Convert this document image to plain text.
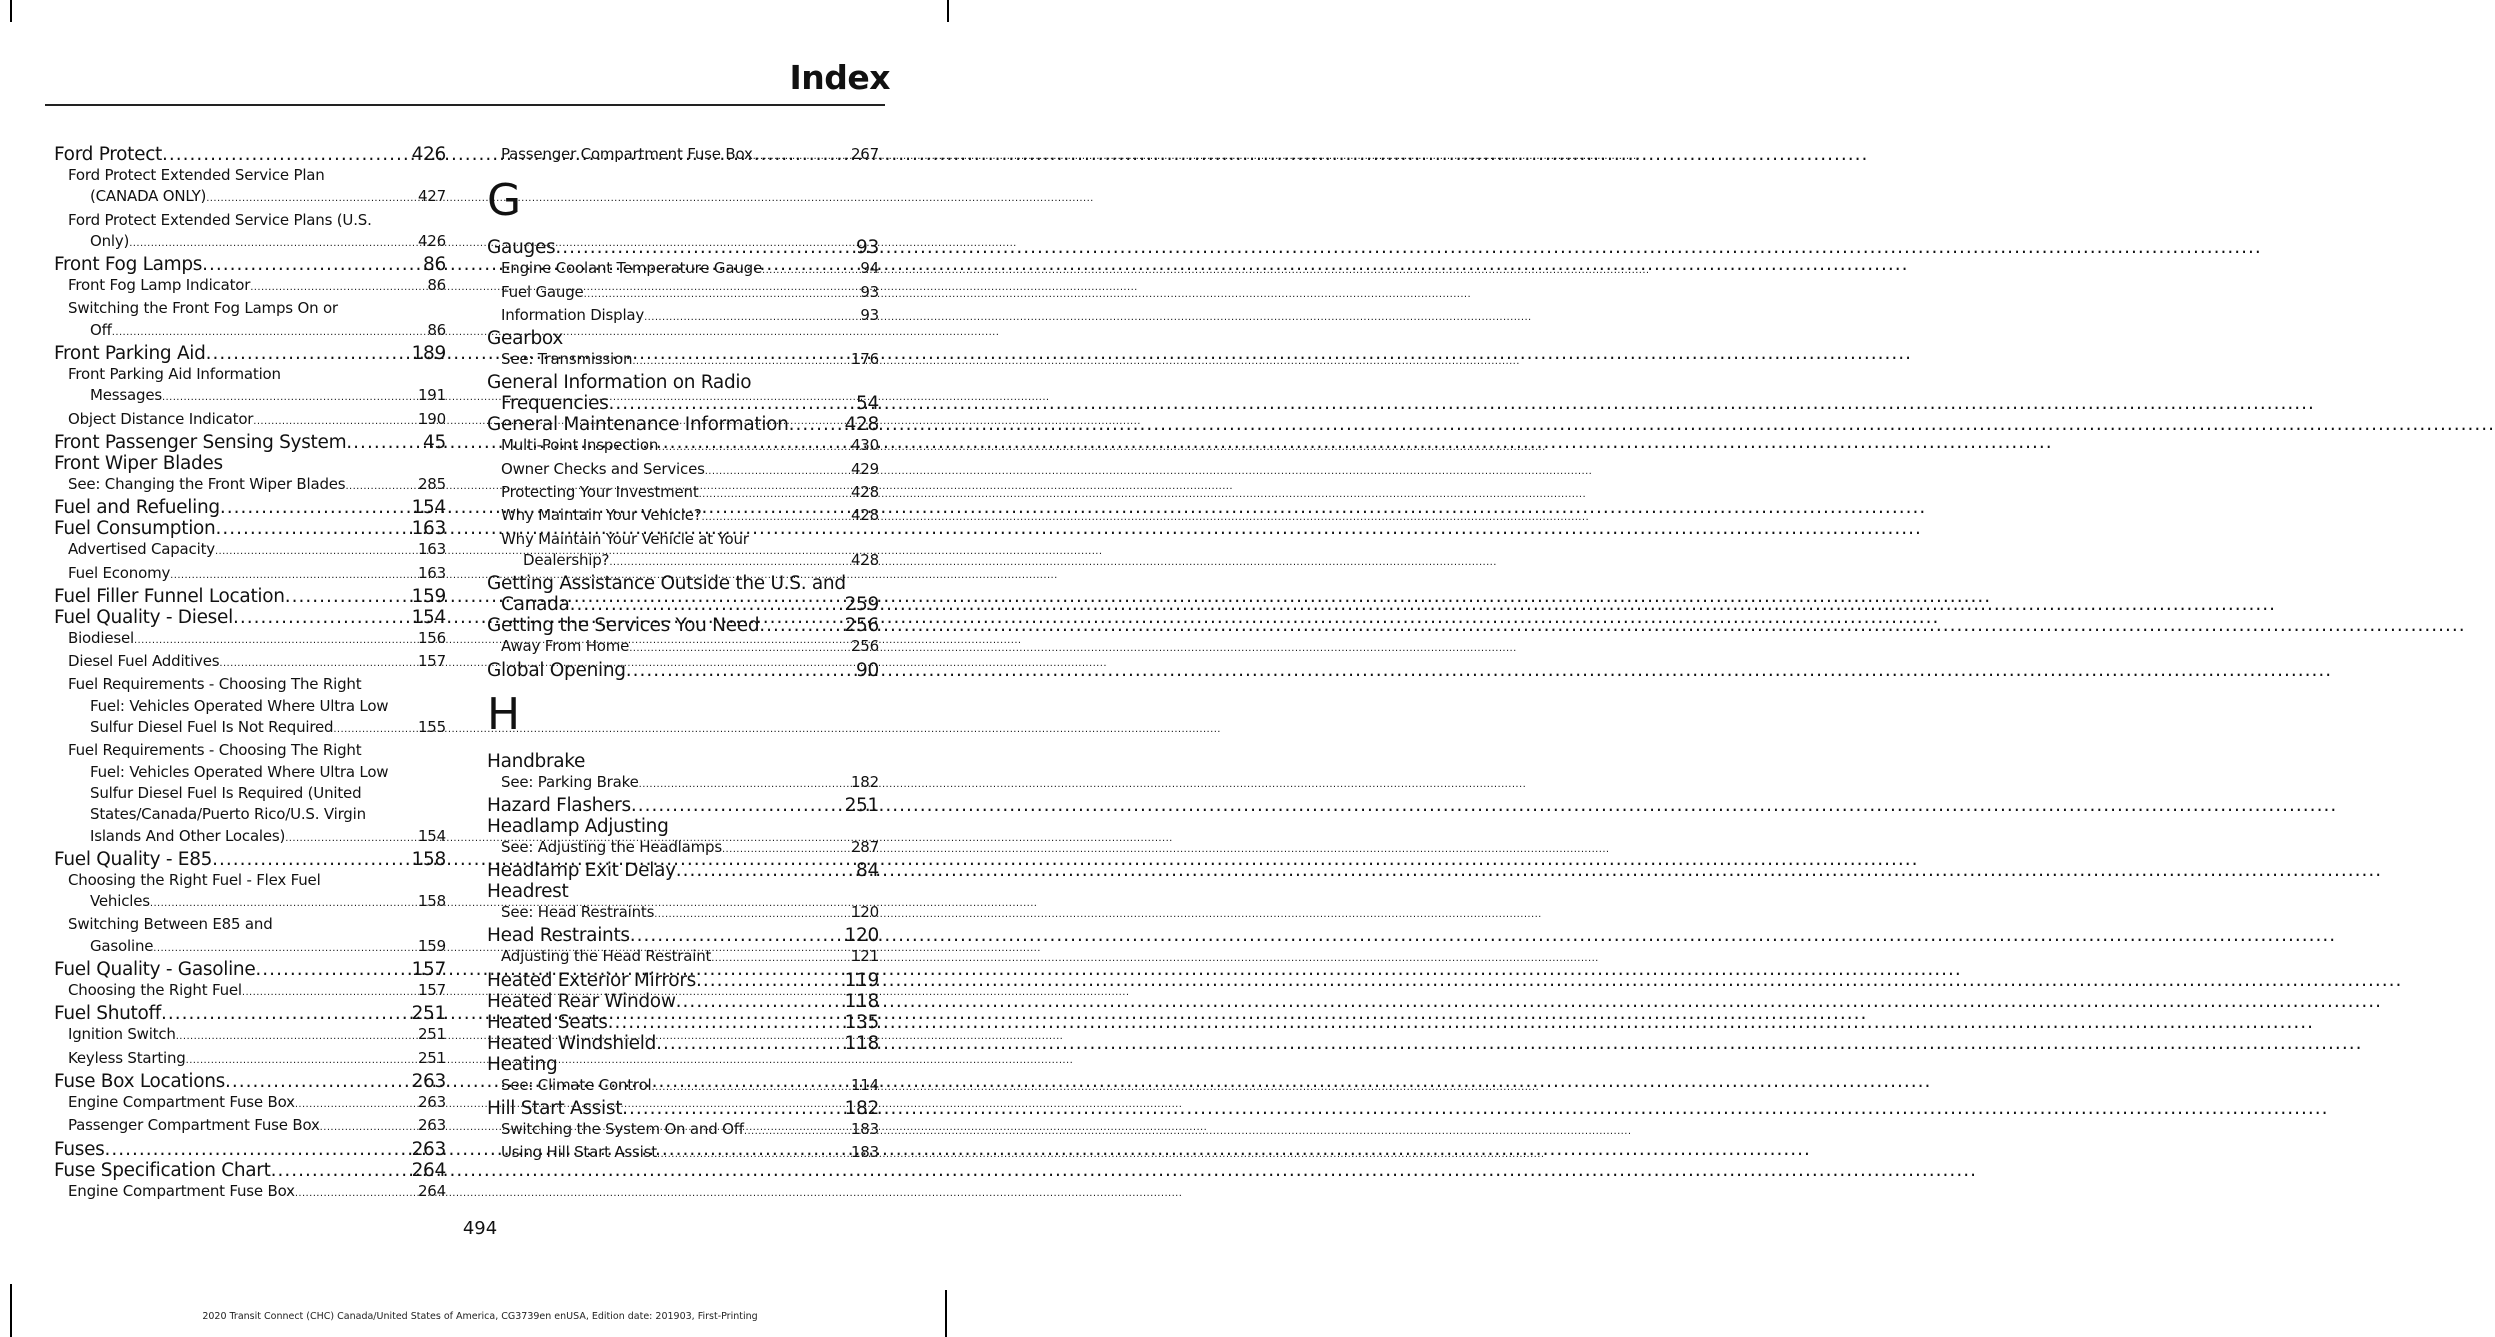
Index
Ford Protect .....	426
Ford Protect Extended Service Plan
(CANADA ONLY) .....	427
Ford Protect Extended Service Plans (U.S.
Only) .....	426
Front Fog Lamps .....	86
Front Fog Lamp Indicator .....	86
Switching the Front Fog Lamps On or
Off .....	86
Front Parking Aid .....	189
Front Parking Aid Information
Messages .....	191
Object Distance Indicator .....	190
Front Passenger Sensing System .....	45
Front Wiper Blades
See: Changing the Front Wiper Blades .....	285
Fuel and Refueling .....	154
Fuel Consumption .....	163
Advertised Capacity .....	163
Fuel Economy .....	163
Fuel Filler Funnel Location .....	159
Fuel Quality - Diesel .....	154
Biodiesel .....	156
Diesel Fuel Additives .....	157
Fuel Requirements - Choosing The Right
Fuel: Vehicles Operated Where Ultra Low
Sulfur Diesel Fuel Is Not Required .....	155
Fuel Requirements - Choosing The Right
Fuel: Vehicles Operated Where Ultra Low
Sulfur Diesel Fuel Is Required (United
States/Canada/Puerto Rico/U.S. Virgin
Islands And Other Locales) .....	154
Fuel Quality - E85 .....	158
Choosing the Right Fuel - Flex Fuel
Vehicles .....	158
Switching Between E85 and
Gasoline .....	159
Fuel Quality - Gasoline .....	157
Choosing the Right Fuel .....	157
Fuel Shutoff .....	251
Ignition Switch .....	251
Keyless Starting .....	251
Fuse Box Locations .....	263
Engine Compartment Fuse Box .....	263
Passenger Compartment Fuse Box .....	263
Fuses .....	263
Fuse Specification Chart .....	264
Engine Compartment Fuse Box .....	264
Passenger Compartment Fuse Box .....	267
G
Gauges .....	93
Engine Coolant Temperature Gauge .....	94
Fuel Gauge .....	93
Information Display .....	93
Gearbox
See: Transmission .....	176
General Information on Radio
Frequencies .....	54
General Maintenance Information .....	428
Multi-Point Inspection .....	430
Owner Checks and Services .....	429
Protecting Your Investment .....	428
Why Maintain Your Vehicle? .....	428
Why Maintain Your Vehicle at Your
Dealership? .....	428
Getting Assistance Outside the U.S. and
Canada .....	259
Getting the Services You Need .....	256
Away From Home .....	256
Global Opening .....	90
H
Handbrake
See: Parking Brake .....	182
Hazard Flashers .....	251
Headlamp Adjusting
See: Adjusting the Headlamps .....	287
Headlamp Exit Delay .....	84
Headrest
See: Head Restraints .....	120
Head Restraints .....	120
Adjusting the Head Restraint .....	121
Heated Exterior Mirrors .....	119
Heated Rear Window .....	118
Heated Seats .....	135
Heated Windshield .....	118
Heating
See: Climate Control .....	114
Hill Start Assist .....	182
Switching the System On and Off .....	183
Using Hill Start Assist .....	183
494
2020 Transit Connect (CHC) Canada/United States of America, CG3739en enUSA, Edition date: 201903, First-Printing
